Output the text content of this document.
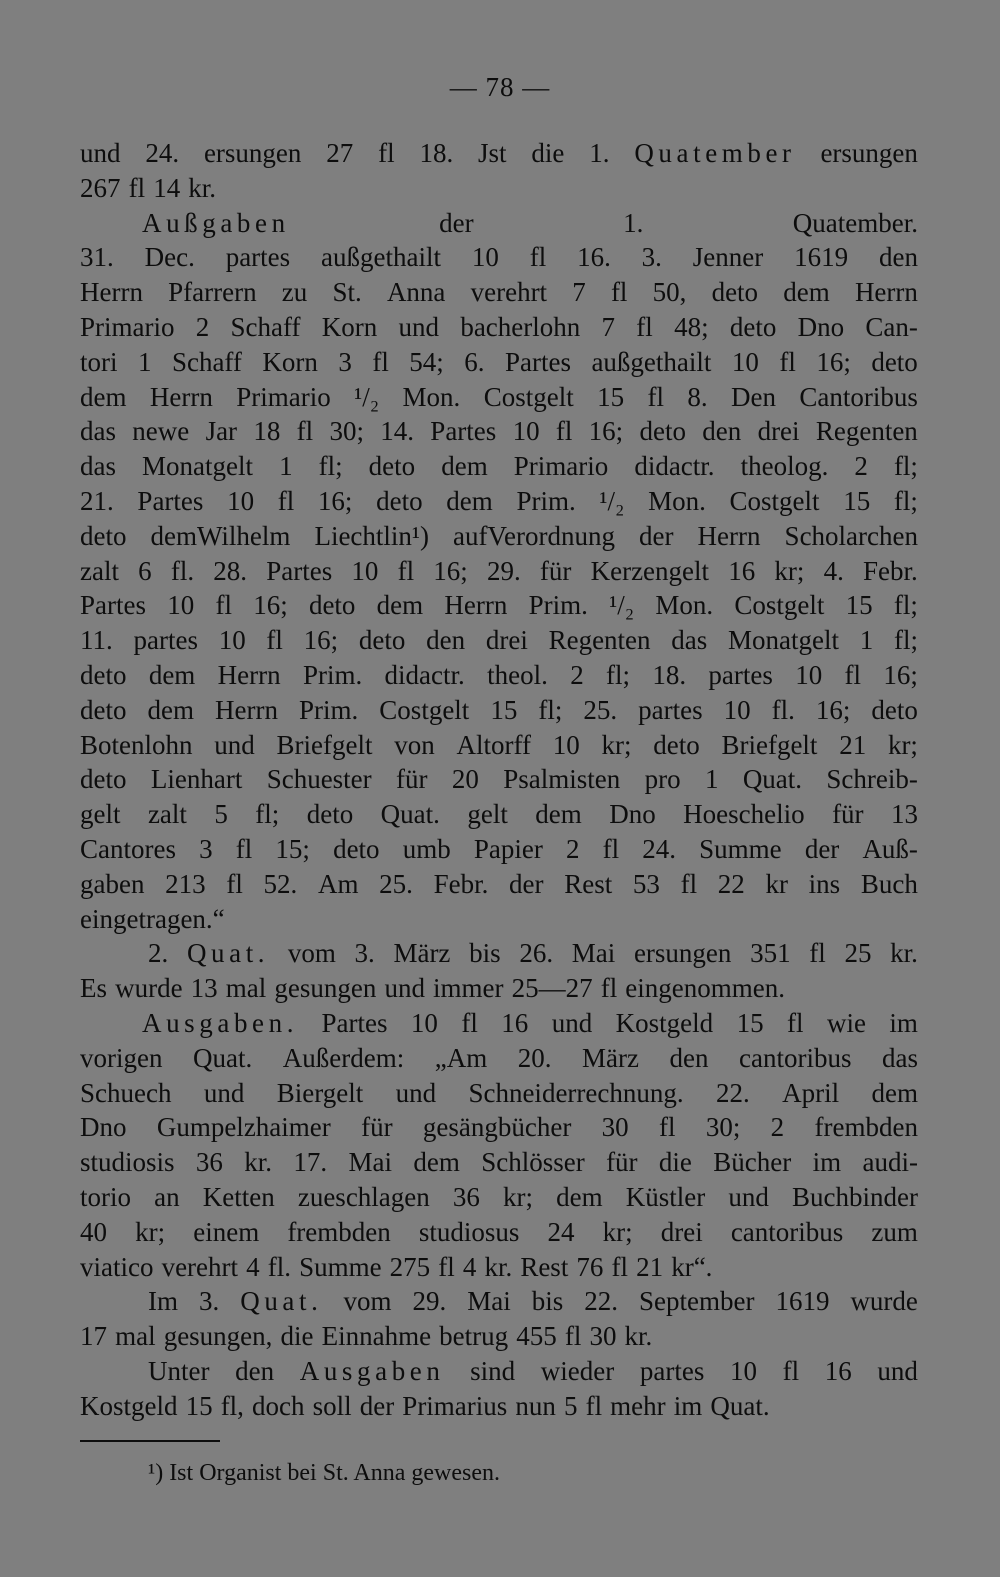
— 78 —
und 24. ersungen 27 fl 18. Jst die 1. Quatember ersungen
267 fl 14 kr.
Außgaben	der	1.	Quatember.
31. Dec. partes außgethailt 10 fl 16. 3. Jenner 1619 den
Herrn Pfarrern zu St. Anna verehrt 7 fl 50, deto dem Herrn
Primario 2 Schaff Korn und bacherlohn 7 fl 48; deto Dno Can-
tori 1 Schaff Korn 3 fl 54; 6. Partes außgethailt 10 fl 16; deto
dem Herrn Primario ¹/₂ Mon. Costgelt 15 fl 8. Den Cantoribus
das newe Jar 18 fl 30; 14. Partes 10 fl 16; deto den drei Regenten
das Monatgelt 1 fl; deto dem Primario didactr. theolog. 2 fl;
21. Partes 10 fl 16; deto dem Prim. ¹/₂ Mon. Costgelt 15 fl;
deto demWilhelm Liechtlin¹) aufVerordnung der Herrn Scholarchen
zalt 6 fl. 28. Partes 10 fl 16; 29. für Kerzengelt 16 kr; 4. Febr.
Partes 10 fl 16; deto dem Herrn Prim. ¹/₂ Mon. Costgelt 15 fl;
11. partes 10 fl 16; deto den drei Regenten das Monatgelt 1 fl;
deto dem Herrn Prim. didactr. theol. 2 fl; 18. partes 10 fl 16;
deto dem Herrn Prim. Costgelt 15 fl; 25. partes 10 fl. 16; deto
Botenlohn und Briefgelt von Altorff 10 kr; deto Briefgelt 21 kr;
deto Lienhart Schuester für 20 Psalmisten pro 1 Quat. Schreib-
gelt zalt 5 fl; deto Quat. gelt dem Dno Hoeschelio für 13
Cantores 3 fl 15; deto umb Papier 2 fl 24. Summe der Auß-
gaben 213 fl 52. Am 25. Febr. der Rest 53 fl 22 kr ins Buch
eingetragen.“
2. Quat. vom 3. März bis 26. Mai ersungen 351 fl 25 kr.
Es wurde 13 mal gesungen und immer 25—27 fl eingenommen.
Ausgaben. Partes 10 fl 16 und Kostgeld 15 fl wie im
vorigen Quat. Außerdem: „Am 20. März den cantoribus das
Schuech und Biergelt und Schneiderrechnung. 22. April dem
Dno Gumpelzhaimer für gesängbücher 30 fl 30; 2 frembden
studiosis 36 kr. 17. Mai dem Schlösser für die Bücher im audi-
torio an Ketten zueschlagen 36 kr; dem Küstler und Buchbinder
40 kr; einem frembden studiosus 24 kr; drei cantoribus zum
viatico verehrt 4 fl. Summe 275 fl 4 kr. Rest 76 fl 21 kr“.
Im 3. Quat. vom 29. Mai bis 22. September 1619 wurde
17 mal gesungen, die Einnahme betrug 455 fl 30 kr.
Unter den Ausgaben sind wieder partes 10 fl 16 und
Kostgeld 15 fl, doch soll der Primarius nun 5 fl mehr im Quat.
¹) Ist Organist bei St. Anna gewesen.
